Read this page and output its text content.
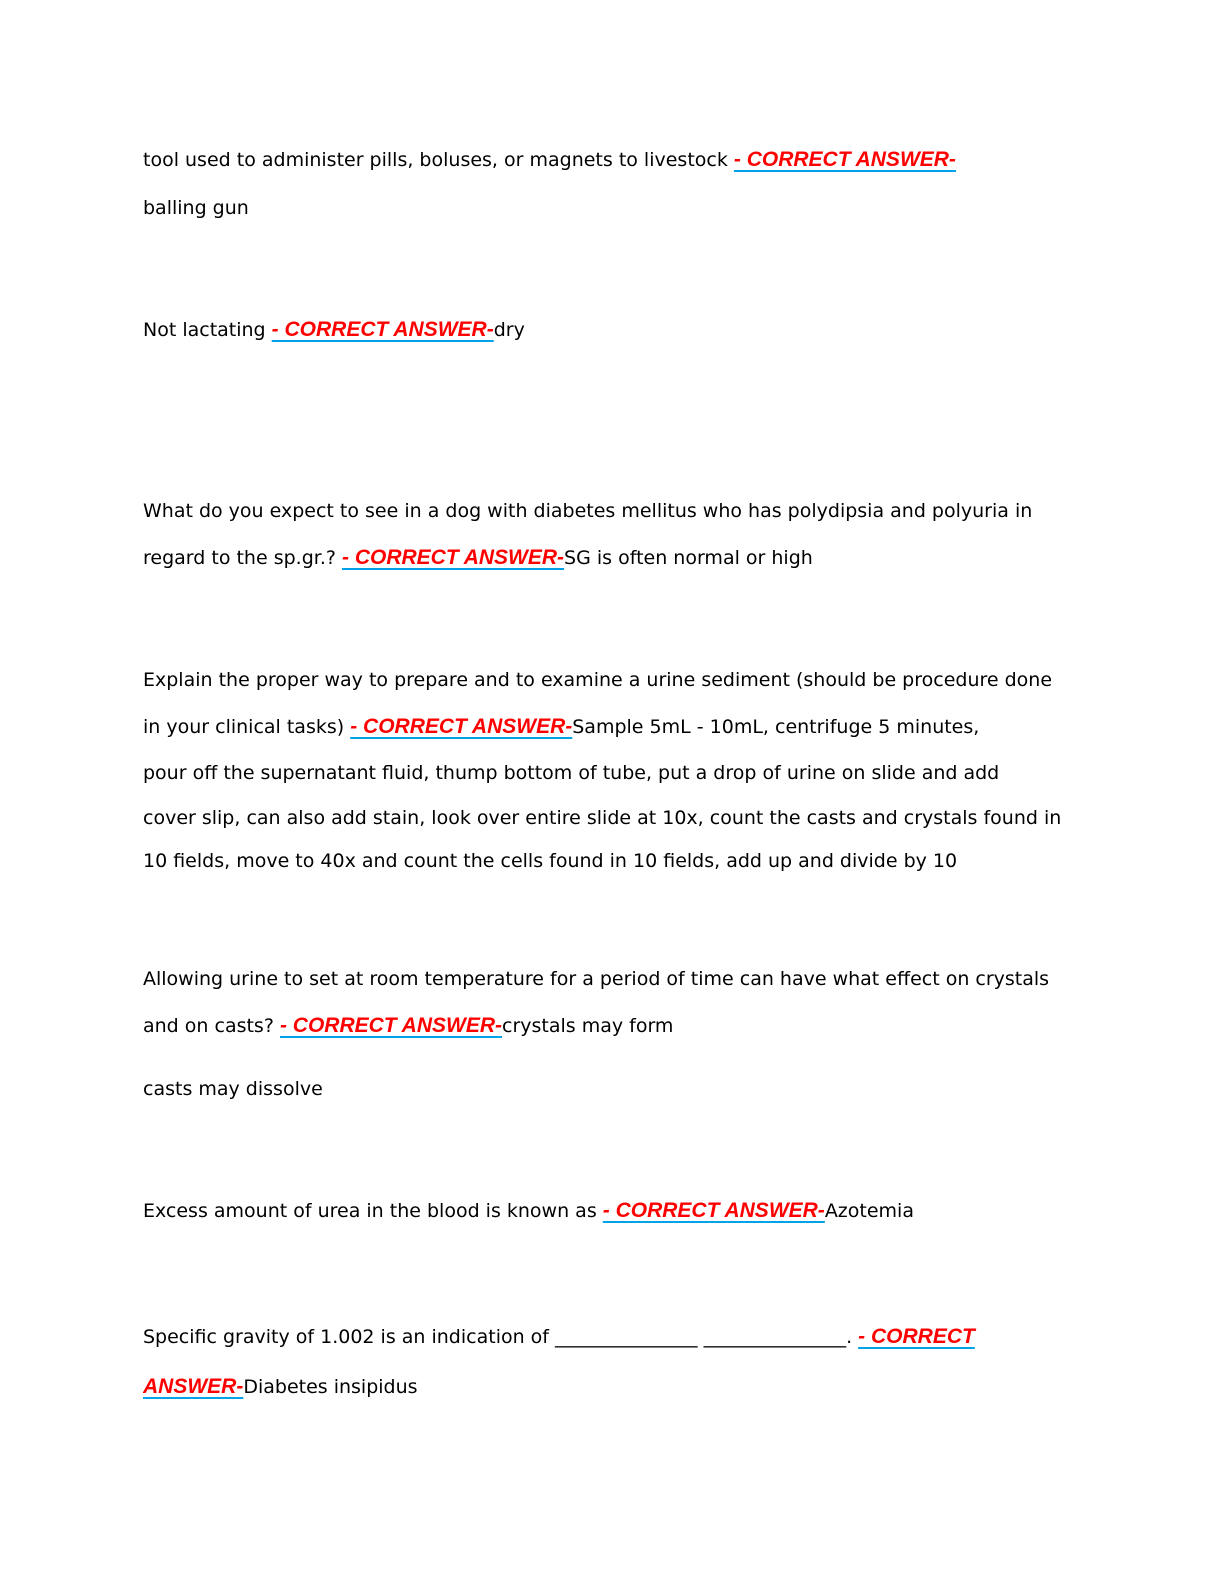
tool used to administer pills, boluses, or magnets to livestock - CORRECT ANSWER-
balling gun
Not lactating - CORRECT ANSWER-dry
What do you expect to see in a dog with diabetes mellitus who has polydipsia and polyuria in
regard to the sp.gr.? - CORRECT ANSWER-SG is often normal or high
Explain the proper way to prepare and to examine a urine sediment (should be procedure done
in your clinical tasks) - CORRECT ANSWER-Sample 5mL - 10mL, centrifuge 5 minutes,
pour off the supernatant fluid, thump bottom of tube, put a drop of urine on slide and add
cover slip, can also add stain, look over entire slide at 10x, count the casts and crystals found in
10 fields, move to 40x and count the cells found in 10 fields, add up and divide by 10
Allowing urine to set at room temperature for a period of time can have what effect on crystals
and on casts? - CORRECT ANSWER-crystals may form
casts may dissolve
Excess amount of urea in the blood is known as - CORRECT ANSWER-Azotemia
Specific gravity of 1.002 is an indication of _______________ _______________. - CORRECT
ANSWER-Diabetes insipidus
